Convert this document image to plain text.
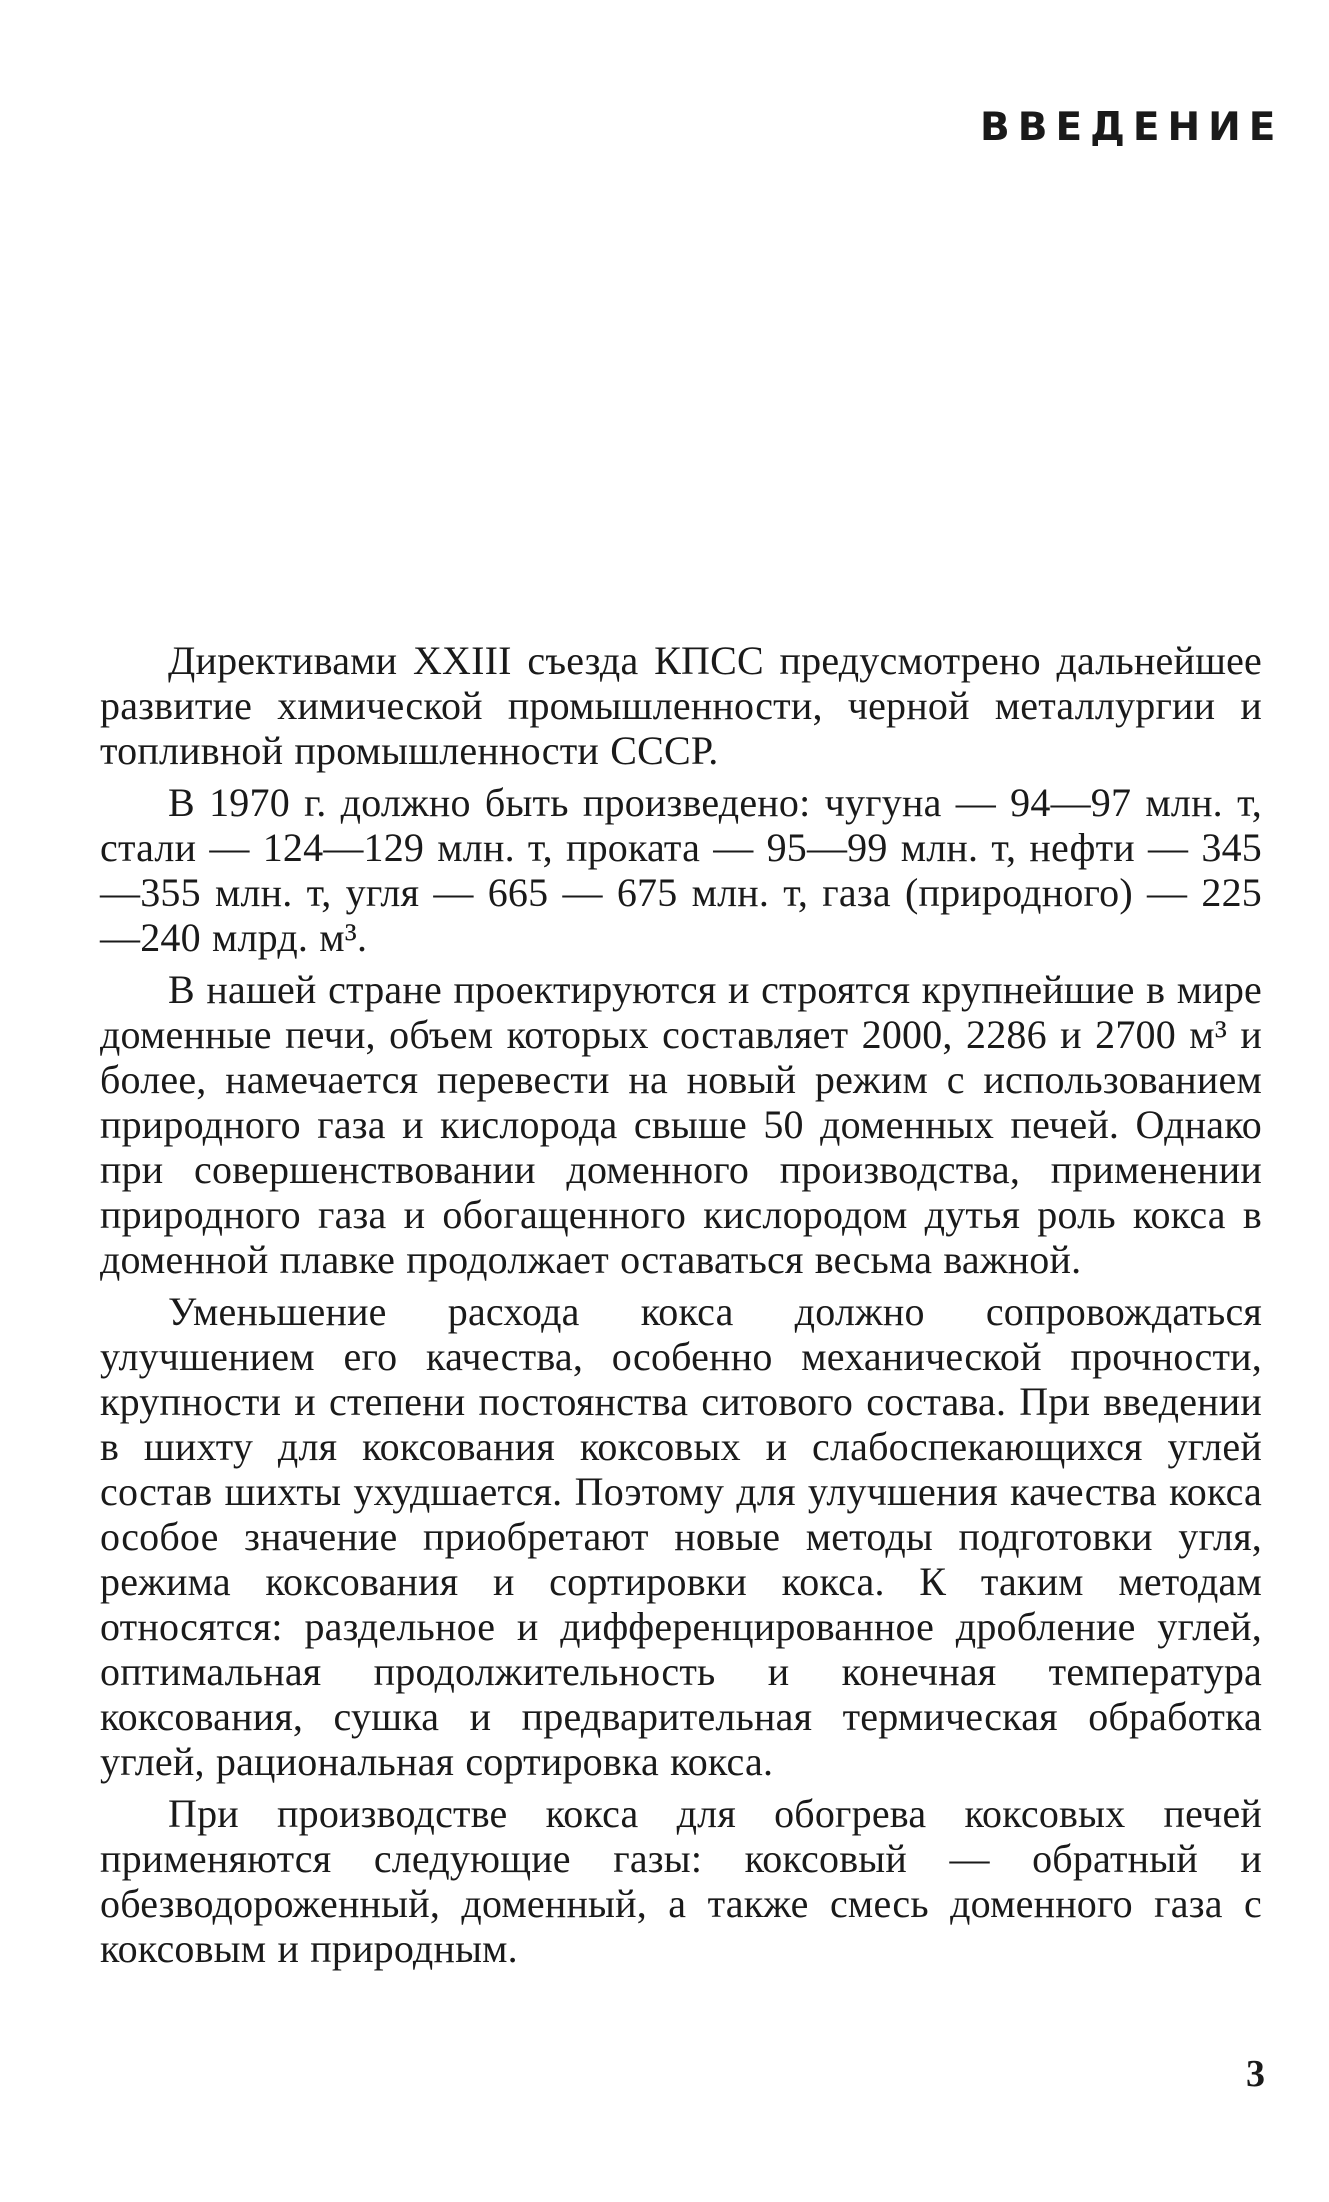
ВВЕДЕНИЕ

Директивами XXIII съезда КПСС предусмотрено дальнейшее развитие химической промышленности, черной металлургии и топливной промышленности СССР.

В 1970 г. должно быть произведено: чугуна — 94—97 млн. т, стали — 124—129 млн. т, проката — 95—99 млн. т, нефти — 345—355 млн. т, угля — 665 — 675 млн. т, газа (природного) — 225—240 млрд. м³.

В нашей стране проектируются и строятся крупнейшие в мире доменные печи, объем которых составляет 2000, 2286 и 2700 м³ и более, намечается перевести на новый режим с использованием природного газа и кислорода свыше 50 доменных печей. Однако при совершенствовании доменного производства, применении природного газа и обогащенного кислородом дутья роль кокса в доменной плавке продолжает оставаться весьма важной.

Уменьшение расхода кокса должно сопровождаться улучшением его качества, особенно механической прочности, крупности и степени постоянства ситового состава. При введении в шихту для коксования коксовых и слабоспекающихся углей состав шихты ухудшается. Поэтому для улучшения качества кокса особое значение приобретают новые методы подготовки угля, режима коксования и сортировки кокса. К таким методам относятся: раздельное и дифференцированное дробление углей, оптимальная продолжительность и конечная температура коксования, сушка и предварительная термическая обработка углей, рациональная сортировка кокса.

При производстве кокса для обогрева коксовых печей применяются следующие газы: коксовый — обратный и обезводороженный, доменный, а также смесь доменного газа с коксовым и природным.

3
